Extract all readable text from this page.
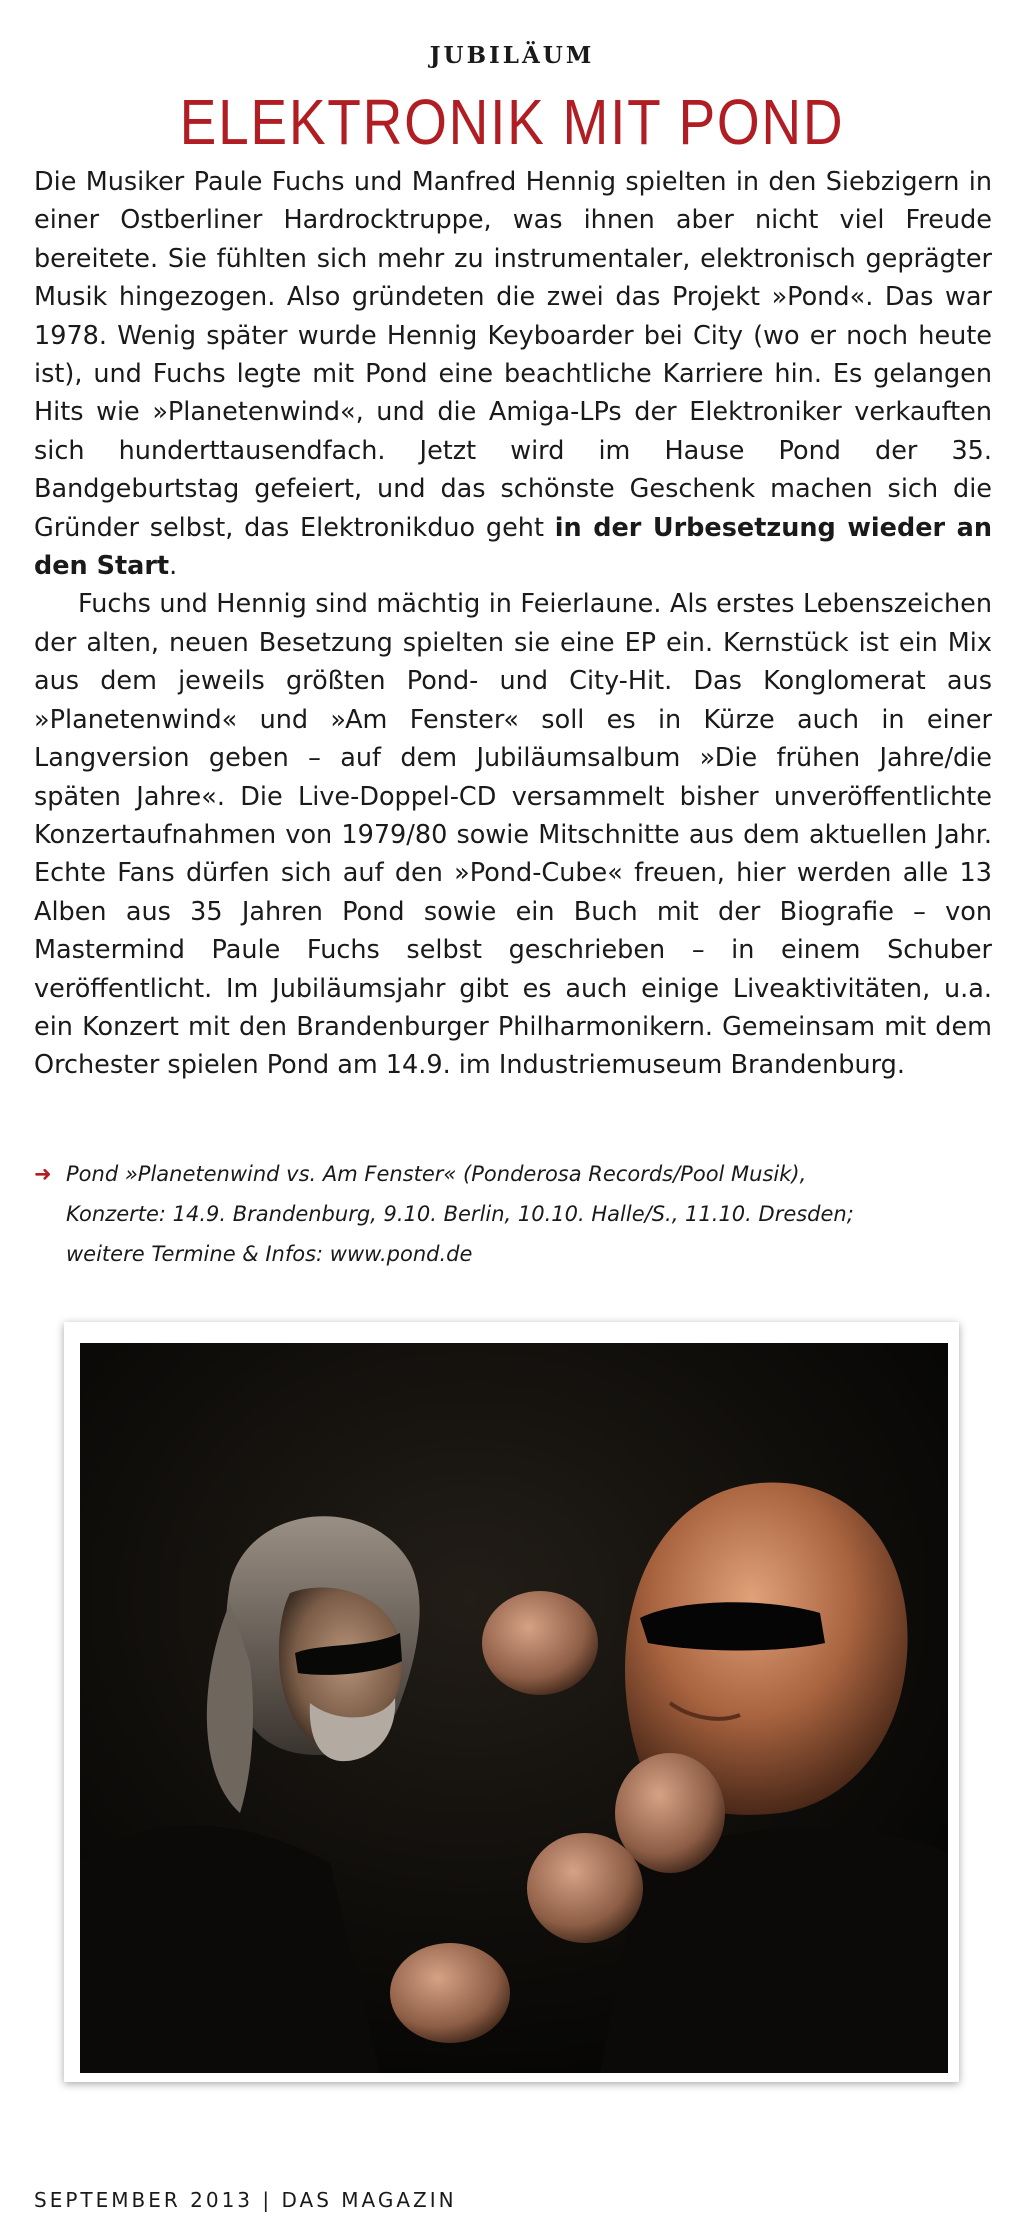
JUBILÄUM
ELEKTRONIK MIT POND

Die Musiker Paule Fuchs und Manfred Hennig spielten in den Siebzigern in einer Ostberliner Hardrocktruppe, was ihnen aber nicht viel Freude bereitete. Sie fühlten sich mehr zu instrumentaler, elektronisch geprägter Musik hingezogen. Also gründeten die zwei das Projekt »Pond«. Das war 1978. Wenig später wurde Hennig Keyboarder bei City (wo er noch heute ist), und Fuchs legte mit Pond eine beachtliche Karriere hin. Es gelangen Hits wie »Planetenwind«, und die Amiga-LPs der Elektroniker verkauften sich hunderttausendfach. Jetzt wird im Hause Pond der 35. Bandgeburtstag gefeiert, und das schönste Geschenk machen sich die Gründer selbst, das Elektronikduo geht in der Urbesetzung wieder an den Start.

Fuchs und Hennig sind mächtig in Feierlaune. Als erstes Lebenszeichen der alten, neuen Besetzung spielten sie eine EP ein. Kernstück ist ein Mix aus dem jeweils größten Pond- und City-Hit. Das Konglomerat aus »Planetenwind« und »Am Fenster« soll es in Kürze auch in einer Langversion geben – auf dem Jubiläumsalbum »Die frühen Jahre/die späten Jahre«. Die Live-Doppel-CD versammelt bisher unveröffentlichte Konzertaufnahmen von 1979/80 sowie Mitschnitte aus dem aktuellen Jahr. Echte Fans dürfen sich auf den »Pond-Cube« freuen, hier werden alle 13 Alben aus 35 Jahren Pond sowie ein Buch mit der Biografie – von Mastermind Paule Fuchs selbst geschrieben – in einem Schuber veröffentlicht. Im Jubiläumsjahr gibt es auch einige Liveaktivitäten, u.a. ein Konzert mit den Brandenburger Philharmonikern. Gemeinsam mit dem Orchester spielen Pond am 14.9. im Industriemuseum Brandenburg.

➜ Pond »Planetenwind vs. Am Fenster« (Ponderosa Records/Pool Musik),
Konzerte: 14.9. Brandenburg, 9.10. Berlin, 10.10. Halle/S., 11.10. Dresden;
weitere Termine & Infos: www.pond.de
SEPTEMBER 2013 | DAS MAGAZIN
